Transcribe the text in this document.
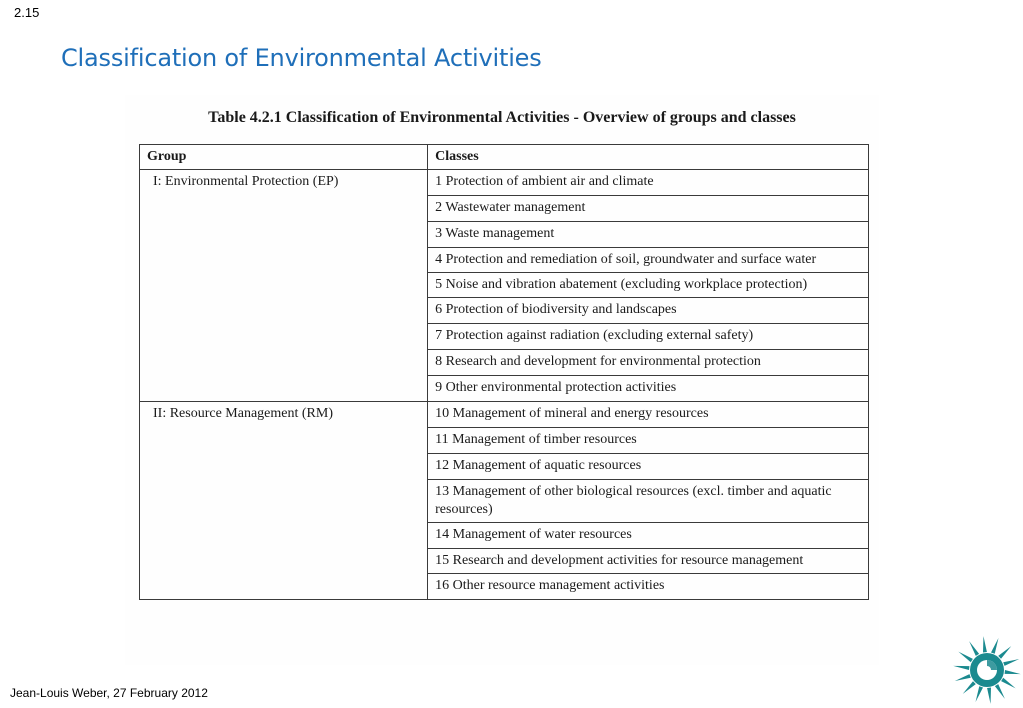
2.15
Classification of Environmental Activities
Table 4.2.1 Classification of Environmental Activities - Overview of groups and classes
Group	Classes
I: Environmental Protection (EP)	1 Protection of ambient air and climate
	2 Wastewater management
	3 Waste management
	4 Protection and remediation of soil, groundwater and surface water
	5 Noise and vibration abatement (excluding workplace protection)
	6 Protection of biodiversity and landscapes
	7 Protection against radiation (excluding external safety)
	8 Research and development for environmental protection
	9 Other environmental protection activities
II: Resource Management (RM)	10 Management of mineral and energy resources
	11 Management of timber resources
	12 Management of aquatic resources
	13 Management of other biological resources (excl. timber and aquatic resources)
	14 Management of water resources
	15 Research and development activities for resource management
	16 Other resource management activities
Jean-Louis Weber, 27 February 2012
